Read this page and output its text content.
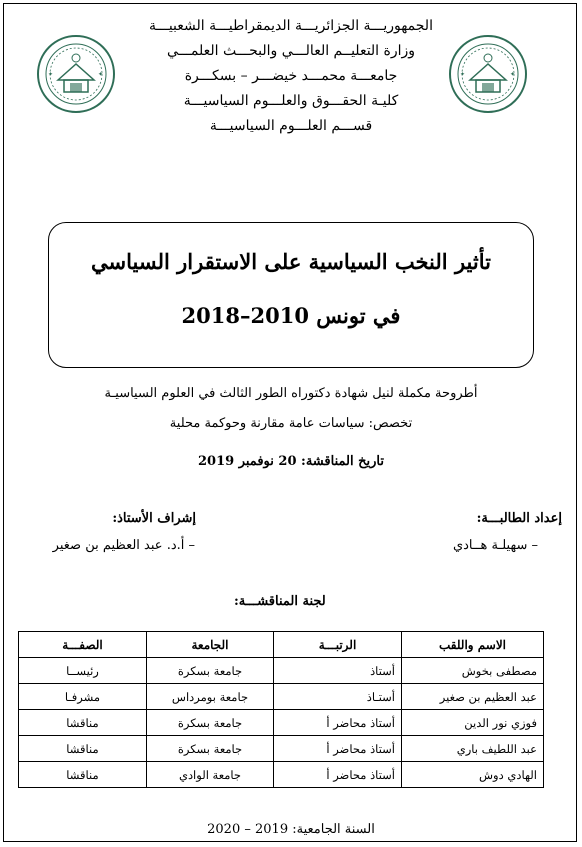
✦	✦	✦	✦
الجمهوريـــة الجزائريـــة الديمقراطيـــة الشعبيـــة
وزارة التعليــم العالـــي والبحـــث العلمـــي
جامعـــة محمـــد خيضـــر – بسكـــرة
كليـة الحقـــوق والعلـــوم السياسيـــة
قســـم العلـــوم السياسيـــة
تأثير النخب السياسية على الاستقرار السياسي
في تونس 2010–2018
أطروحة مكملة لنيل شهادة دكتوراه الطور الثالث في العلوم السياسيـة
تخصص: سياسات عامة مقارنة وحوكمة محلية
تاريخ المناقشة: 20 نوفمبر 2019
إعداد الطالبـــة:
– سهيلـة هــادي
إشراف الأستاذ:
– أ.د. عبد العظيم بن صغير
لجنة المناقشـــة:
الاسم واللقب	الرتبـــة	الجامعة	الصفـــة
مصطفى بخوش	أستاذ	جامعة بسكرة	رئيســا
عبد العظيم بن صغير	أستـاذ	جامعة بومرداس	مشرفـا
فوزي نور الدين	أستاذ محاضر أ	جامعة بسكرة	مناقشا
عبد اللطيف باري	أستاذ محاضر أ	جامعة بسكرة	مناقشا
الهادي دوش	أستاذ محاضر أ	جامعة الوادي	مناقشا
السنة الجامعية: 2019 – 2020
